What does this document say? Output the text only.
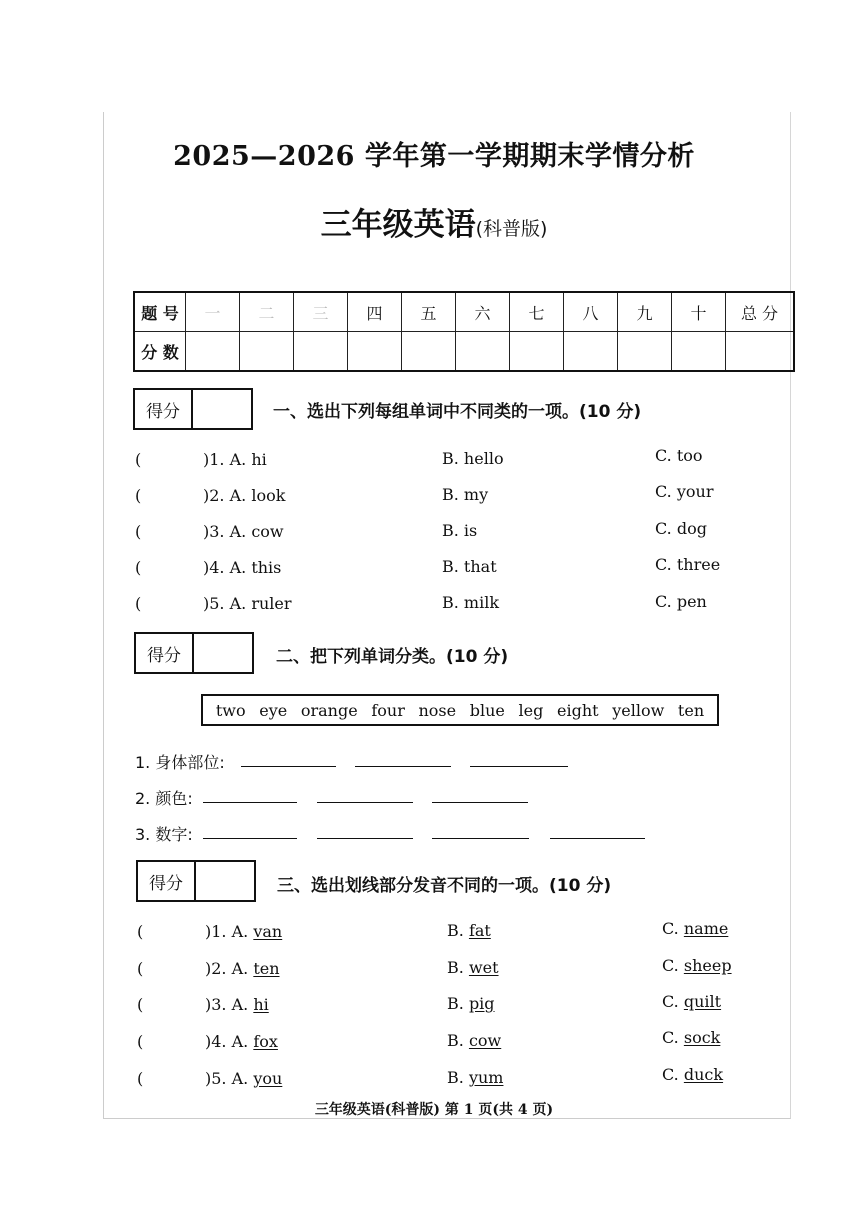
2025—2026 学年第一学期期末学情分析
三年级英语(科普版)
题 号	一	二	三	四	五	六	七	八	九	十	总 分
分 数											
得分	一、选出下列每组单词中不同类的一项。(10 分)
(	)1. A. hi	B. hello	C. too
(	)2. A. look	B. my	C. your
(	)3. A. cow	B. is	C. dog
(	)4. A. this	B. that	C. three
(	)5. A. ruler	B. milk	C. pen
得分	二、把下列单词分类。(10 分)
two eye orange four nose blue leg eight yellow ten
1. 身体部位:
2. 颜色:
3. 数字:
得分	三、选出划线部分发音不同的一项。(10 分)
(	)1. A. van	B. fat	C. name
(	)2. A. ten	B. wet	C. sheep
(	)3. A. hi	B. pig	C. quilt
(	)4. A. fox	B. cow	C. sock
(	)5. A. you	B. yum	C. duck
三年级英语(科普版) 第 1 页(共 4 页)
